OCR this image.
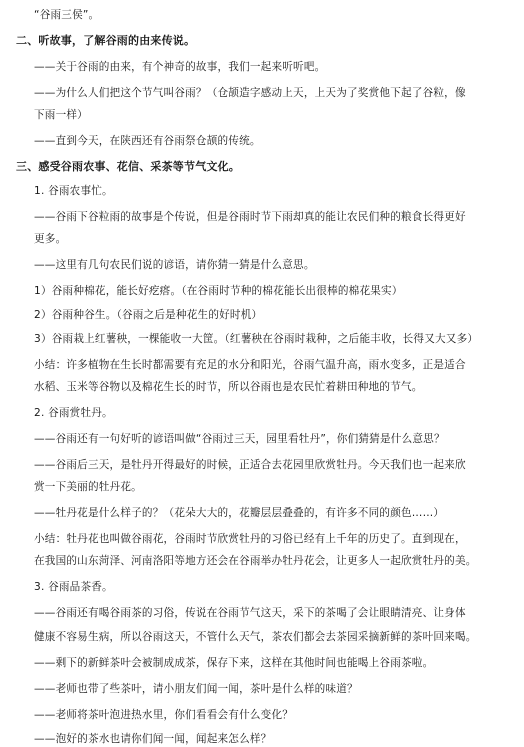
“谷雨三侯”。
二、听故事，了解谷雨的由来传说。
——关于谷雨的由来，有个神奇的故事，我们一起来听听吧。
——为什么人们把这个节气叫谷雨？（仓颉造字感动上天，上天为了奖赏他下起了谷粒，像
下雨一样）
——直到今天，在陕西还有谷雨祭仓颉的传统。
三、感受谷雨农事、花信、采茶等节气文化。
1. 谷雨农事忙。
——谷雨下谷粒雨的故事是个传说，但是谷雨时节下雨却真的能让农民们种的粮食长得更好
更多。
——这里有几句农民们说的谚语，请你猜一猜是什么意思。
1）谷雨种棉花，能长好疙瘩。（在谷雨时节种的棉花能长出很棒的棉花果实）
2）谷雨种谷生。（谷雨之后是种花生的好时机）
3）谷雨栽上红薯秧，一棵能收一大筐。（红薯秧在谷雨时栽种，之后能丰收，长得又大又多）
小结：许多植物在生长时都需要有充足的水分和阳光，谷雨气温升高，雨水变多，正是适合
水稻、玉米等谷物以及棉花生长的时节，所以谷雨也是农民忙着耕田种地的节气。
2. 谷雨赏牡丹。
——谷雨还有一句好听的谚语叫做“谷雨过三天，园里看牡丹”，你们猜猜是什么意思？
——谷雨后三天，是牡丹开得最好的时候，正适合去花园里欣赏牡丹。今天我们也一起来欣
赏一下美丽的牡丹花。
——牡丹花是什么样子的？（花朵大大的，花瓣层层叠叠的，有许多不同的颜色……）
小结：牡丹花也叫做谷雨花，谷雨时节欣赏牡丹的习俗已经有上千年的历史了。直到现在，
在我国的山东菏泽、河南洛阳等地方还会在谷雨举办牡丹花会，让更多人一起欣赏牡丹的美。
3. 谷雨品茶香。
——谷雨还有喝谷雨茶的习俗，传说在谷雨节气这天，采下的茶喝了会让眼睛清亮、让身体
健康不容易生病，所以谷雨这天，不管什么天气，茶农们都会去茶园采摘新鲜的茶叶回来喝。
——剩下的新鲜茶叶会被制成成茶，保存下来，这样在其他时间也能喝上谷雨茶啦。
——老师也带了些茶叶，请小朋友们闻一闻，茶叶是什么样的味道？
——老师将茶叶泡进热水里，你们看看会有什么变化？
——泡好的茶水也请你们闻一闻，闻起来怎么样？
